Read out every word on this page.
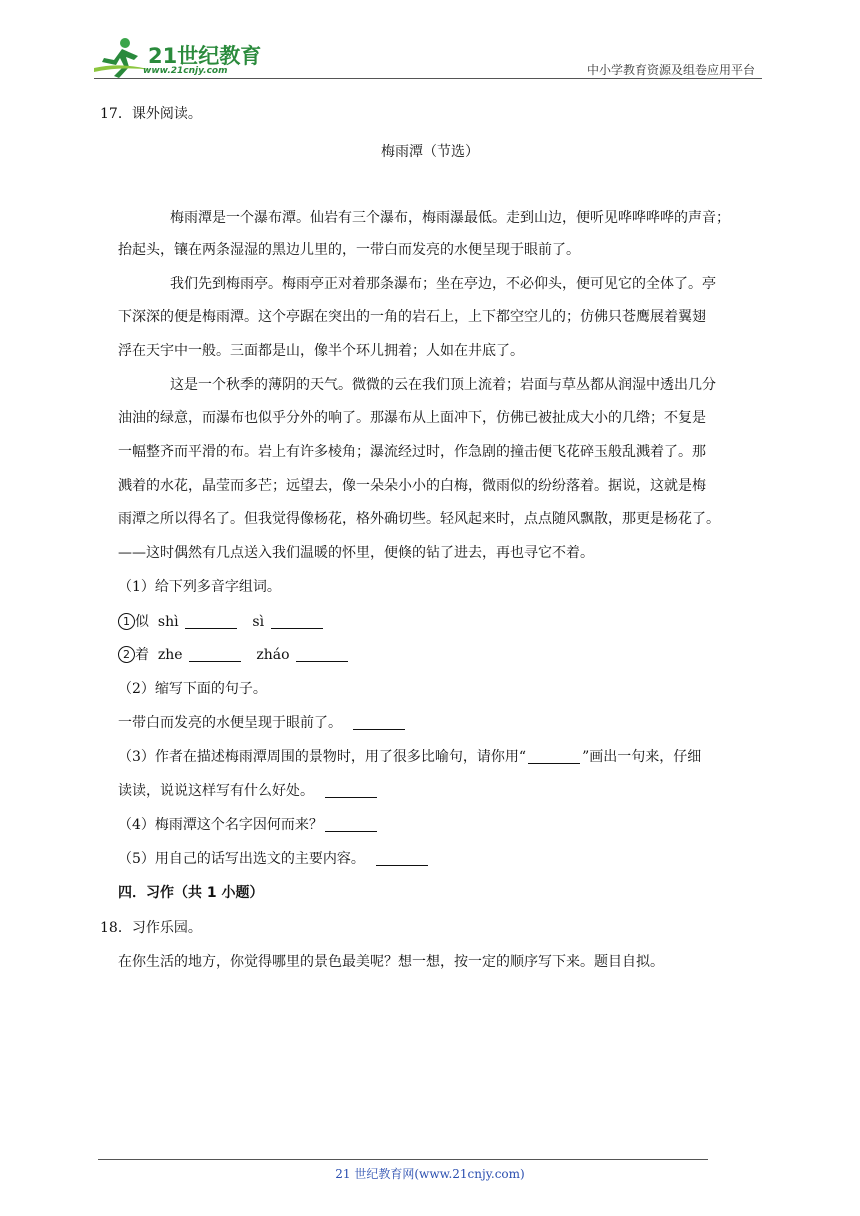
21世纪教育
www.21cnjy.com	中小学教育资源及组卷应用平台
17．课外阅读。
梅雨潭（节选）
梅雨潭是一个瀑布潭。仙岩有三个瀑布，梅雨瀑最低。走到山边，便听见哗哗哗哗的声音；
抬起头，镶在两条湿湿的黑边儿里的，一带白而发亮的水便呈现于眼前了。
我们先到梅雨亭。梅雨亭正对着那条瀑布；坐在亭边，不必仰头，便可见它的全体了。亭
下深深的便是梅雨潭。这个亭踞在突出的一角的岩石上，上下都空空儿的；仿佛只苍鹰展着翼翅
浮在天宇中一般。三面都是山，像半个环儿拥着；人如在井底了。
这是一个秋季的薄阴的天气。微微的云在我们顶上流着；岩面与草丛都从润湿中透出几分
油油的绿意，而瀑布也似乎分外的响了。那瀑布从上面冲下，仿佛已被扯成大小的几绺；不复是
一幅整齐而平滑的布。岩上有许多棱角；瀑流经过时，作急剧的撞击便飞花碎玉般乱溅着了。那
溅着的水花，晶莹而多芒；远望去，像一朵朵小小的白梅，微雨似的纷纷落着。据说，这就是梅
雨潭之所以得名了。但我觉得像杨花，格外确切些。轻风起来时，点点随风飘散，那更是杨花了。
——这时偶然有几点送入我们温暖的怀里，便倏的钻了进去，再也寻它不着。
（1）给下列多音字组词。
1 似 shì	sì
2 着 zhe	zháo
（2）缩写下面的句子。
一带白而发亮的水便呈现于眼前了。
（3）作者在描述梅雨潭周围的景物时，用了很多比喻句，请你用“	”画出一句来，仔细
读读，说说这样写有什么好处。
（4）梅雨潭这个名字因何而来？
（5）用自己的话写出选文的主要内容。
四．习作（共 1 小题）
18．习作乐园。
在你生活的地方，你觉得哪里的景色最美呢？想一想，按一定的顺序写下来。题目自拟。
21 世纪教育网(www.21cnjy.com)
